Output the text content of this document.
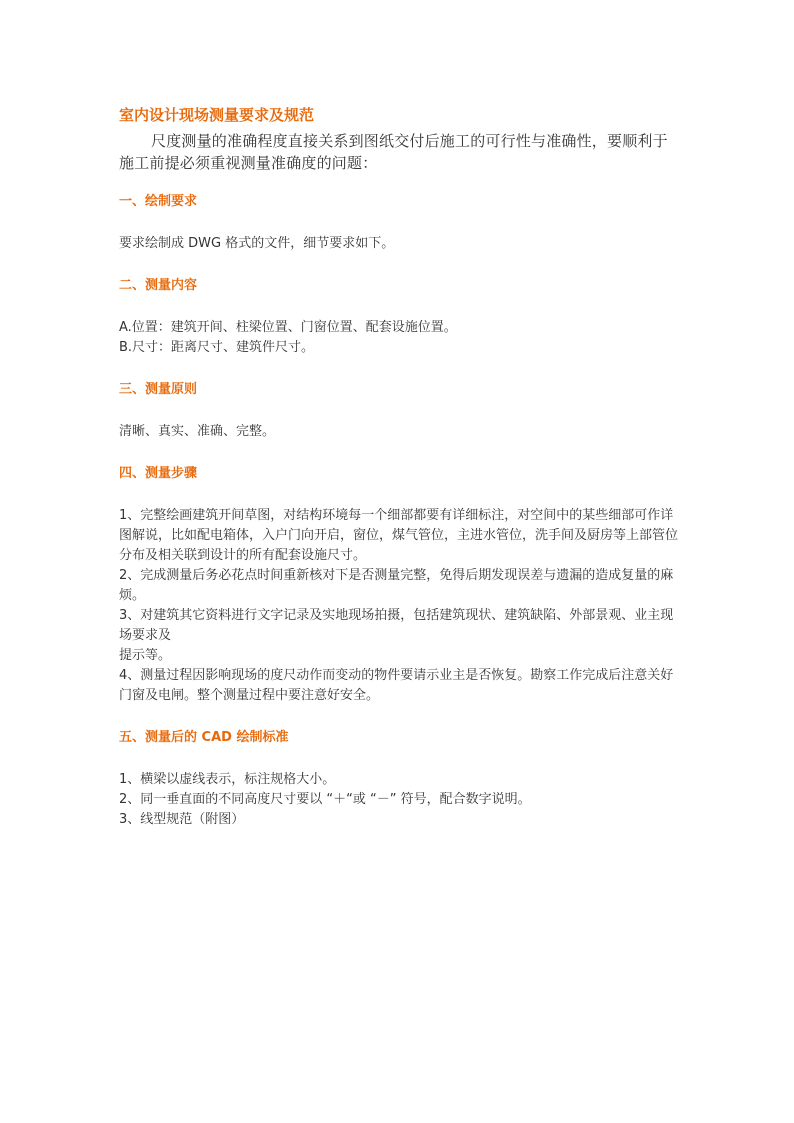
室内设计现场测量要求及规范

尺度测量的准确程度直接关系到图纸交付后施工的可行性与准确性，要顺利于施工前提必须重视测量准确度的问题：

一、绘制要求

要求绘制成 DWG 格式的文件，细节要求如下。

二、测量内容

A.位置：建筑开间、柱梁位置、门窗位置、配套设施位置。

B.尺寸：距离尺寸、建筑件尺寸。

三、测量原则

清晰、真实、准确、完整。

四、测量步骤

1、完整绘画建筑开间草图，对结构环境每一个细部都要有详细标注，对空间中的某些细部可作详图解说，比如配电箱体，入户门向开启，窗位，煤气管位，主进水管位，洗手间及厨房等上部管位分布及相关联到设计的所有配套设施尺寸。

2、完成测量后务必花点时间重新核对下是否测量完整，免得后期发现误差与遗漏的造成复量的麻烦。

3、对建筑其它资料进行文字记录及实地现场拍摄，包括建筑现状、建筑缺陷、外部景观、业主现场要求及

提示等。

4、测量过程因影响现场的度尺动作而变动的物件要请示业主是否恢复。勘察工作完成后注意关好门窗及电闸。整个测量过程中要注意好安全。

五、测量后的 CAD 绘制标准

1、横梁以虚线表示，标注规格大小。

2、同一垂直面的不同高度尺寸要以 “＋“或 “－” 符号，配合数字说明。

3、线型规范（附图）
